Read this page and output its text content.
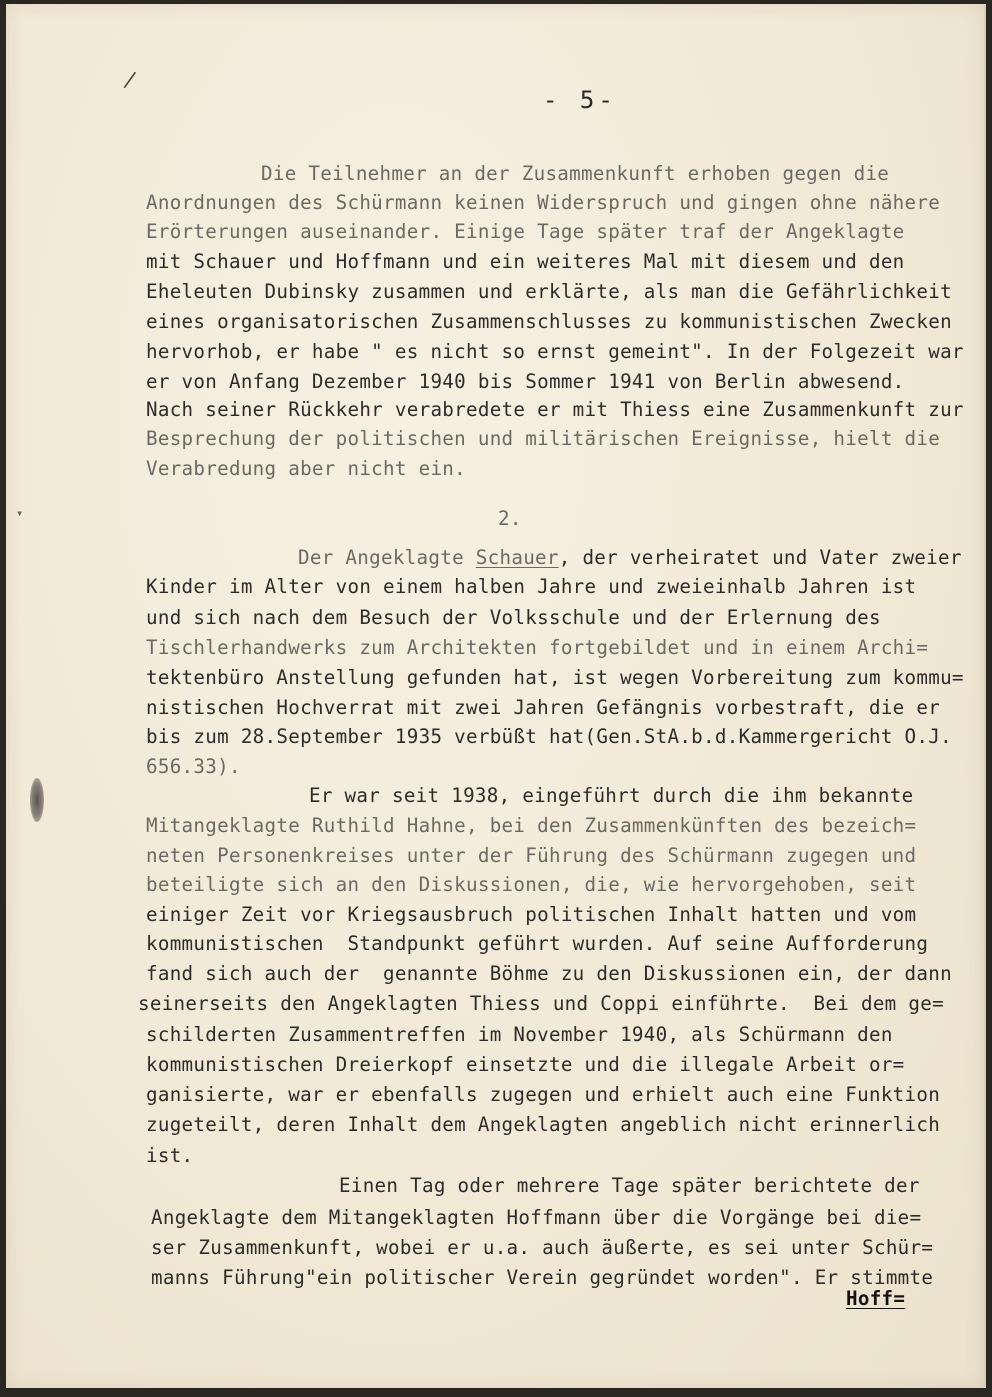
/
▾
- 5-
Die Teilnehmer an der Zusammenkunft erhoben gegen die
Anordnungen des Schürmann keinen Widerspruch und gingen ohne nähere
Erörterungen auseinander. Einige Tage später traf der Angeklagte
mit Schauer und Hoffmann und ein weiteres Mal mit diesem und den
Eheleuten Dubinsky zusammen und erklärte, als man die Gefährlichkeit
eines organisatorischen Zusammenschlusses zu kommunistischen Zwecken
hervorhob, er habe " es nicht so ernst gemeint". In der Folgezeit war
er von Anfang Dezember 1940 bis Sommer 1941 von Berlin abwesend.
Nach seiner Rückkehr verabredete er mit Thiess eine Zusammenkunft zur
Besprechung der politischen und militärischen Ereignisse, hielt die
Verabredung aber nicht ein.
2.
Der Angeklagte Schauer, der verheiratet und Vater zweier
Kinder im Alter von einem halben Jahre und zweieinhalb Jahren ist
und sich nach dem Besuch der Volksschule und der Erlernung des
Tischlerhandwerks zum Architekten fortgebildet und in einem Archi=
tektenbüro Anstellung gefunden hat, ist wegen Vorbereitung zum kommu=
nistischen Hochverrat mit zwei Jahren Gefängnis vorbestraft, die er
bis zum 28.September 1935 verbüßt hat(Gen.StA.b.d.Kammergericht O.J.
656.33).
Er war seit 1938, eingeführt durch die ihm bekannte
Mitangeklagte Ruthild Hahne, bei den Zusammenkünften des bezeich=
neten Personenkreises unter der Führung des Schürmann zugegen und
beteiligte sich an den Diskussionen, die, wie hervorgehoben, seit
einiger Zeit vor Kriegsausbruch politischen Inhalt hatten und vom
kommunistischen  Standpunkt geführt wurden. Auf seine Aufforderung
fand sich auch der  genannte Böhme zu den Diskussionen ein, der dann
seinerseits den Angeklagten Thiess und Coppi einführte.  Bei dem ge=
schilderten Zusammentreffen im November 1940, als Schürmann den
kommunistischen Dreierkopf einsetzte und die illegale Arbeit or=
ganisierte, war er ebenfalls zugegen und erhielt auch eine Funktion
zugeteilt, deren Inhalt dem Angeklagten angeblich nicht erinnerlich
ist.
Einen Tag oder mehrere Tage später berichtete der
Angeklagte dem Mitangeklagten Hoffmann über die Vorgänge bei die=
ser Zusammenkunft, wobei er u.a. auch äußerte, es sei unter Schür=
manns Führung"ein politischer Verein gegründet worden". Er stimmte
Hoff=
